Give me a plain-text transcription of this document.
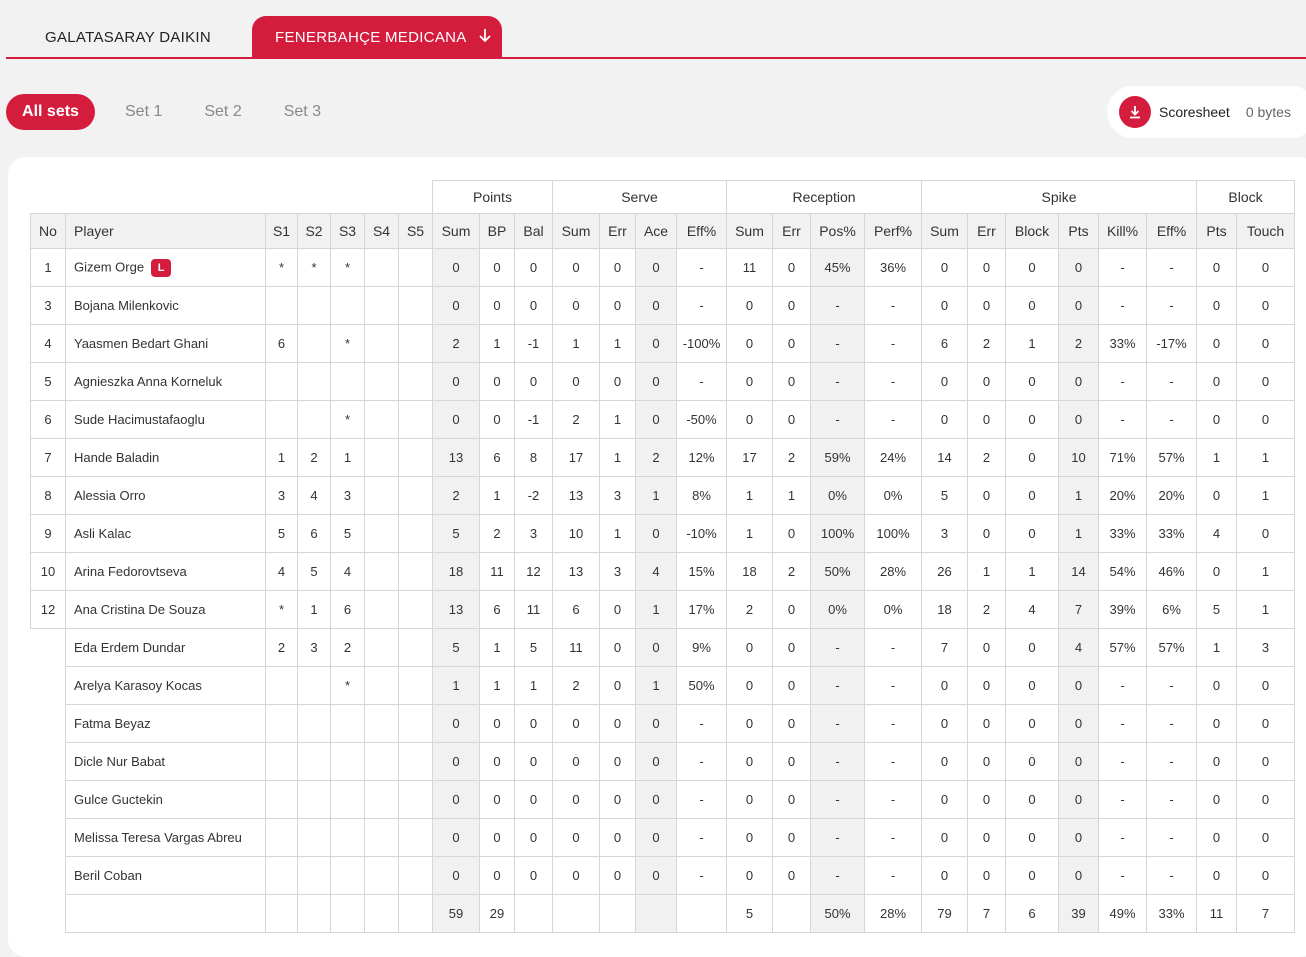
GALATASARAY DAIKIN	FENERBAHÇE MEDICANA
All sets	Set 1	Set 2	Set 3	Scoresheet 0 bytes
							Points			Serve				Reception				Spike						Block	
No	Player	S1	S2	S3	S4	S5	Sum	BP	Bal	Sum	Err	Ace	Eff%	Sum	Err	Pos%	Perf%	Sum	Err	Block	Pts	Kill%	Eff%	Pts	Touch
1	Gizem Orge L	*	*	*			0	0	0	0	0	0	-	11	0	45%	36%	0	0	0	0	-	-	0	0
3	Bojana Milenkovic						0	0	0	0	0	0	-	0	0	-	-	0	0	0	0	-	-	0	0
4	Yaasmen Bedart Ghani	6		*			2	1	-1	1	1	0	-100%	0	0	-	-	6	2	1	2	33%	-17%	0	0
5	Agnieszka Anna Korneluk						0	0	0	0	0	0	-	0	0	-	-	0	0	0	0	-	-	0	0
6	Sude Hacimustafaoglu			*			0	0	-1	2	1	0	-50%	0	0	-	-	0	0	0	0	-	-	0	0
7	Hande Baladin	1	2	1			13	6	8	17	1	2	12%	17	2	59%	24%	14	2	0	10	71%	57%	1	1
8	Alessia Orro	3	4	3			2	1	-2	13	3	1	8%	1	1	0%	0%	5	0	0	1	20%	20%	0	1
9	Asli Kalac	5	6	5			5	2	3	10	1	0	-10%	1	0	100%	100%	3	0	0	1	33%	33%	4	0
10	Arina Fedorovtseva	4	5	4			18	11	12	13	3	4	15%	18	2	50%	28%	26	1	1	14	54%	46%	0	1
12	Ana Cristina De Souza	*	1	6			13	6	11	6	0	1	17%	2	0	0%	0%	18	2	4	7	39%	6%	5	1
	Eda Erdem Dundar	2	3	2			5	1	5	11	0	0	9%	0	0	-	-	7	0	0	4	57%	57%	1	3
	Arelya Karasoy Kocas			*			1	1	1	2	0	1	50%	0	0	-	-	0	0	0	0	-	-	0	0
	Fatma Beyaz						0	0	0	0	0	0	-	0	0	-	-	0	0	0	0	-	-	0	0
	Dicle Nur Babat						0	0	0	0	0	0	-	0	0	-	-	0	0	0	0	-	-	0	0
	Gulce Guctekin						0	0	0	0	0	0	-	0	0	-	-	0	0	0	0	-	-	0	0
	Melissa Teresa Vargas Abreu						0	0	0	0	0	0	-	0	0	-	-	0	0	0	0	-	-	0	0
	Beril Coban						0	0	0	0	0	0	-	0	0	-	-	0	0	0	0	-	-	0	0
							59	29						5		50%	28%	79	7	6	39	49%	33%	11	7
